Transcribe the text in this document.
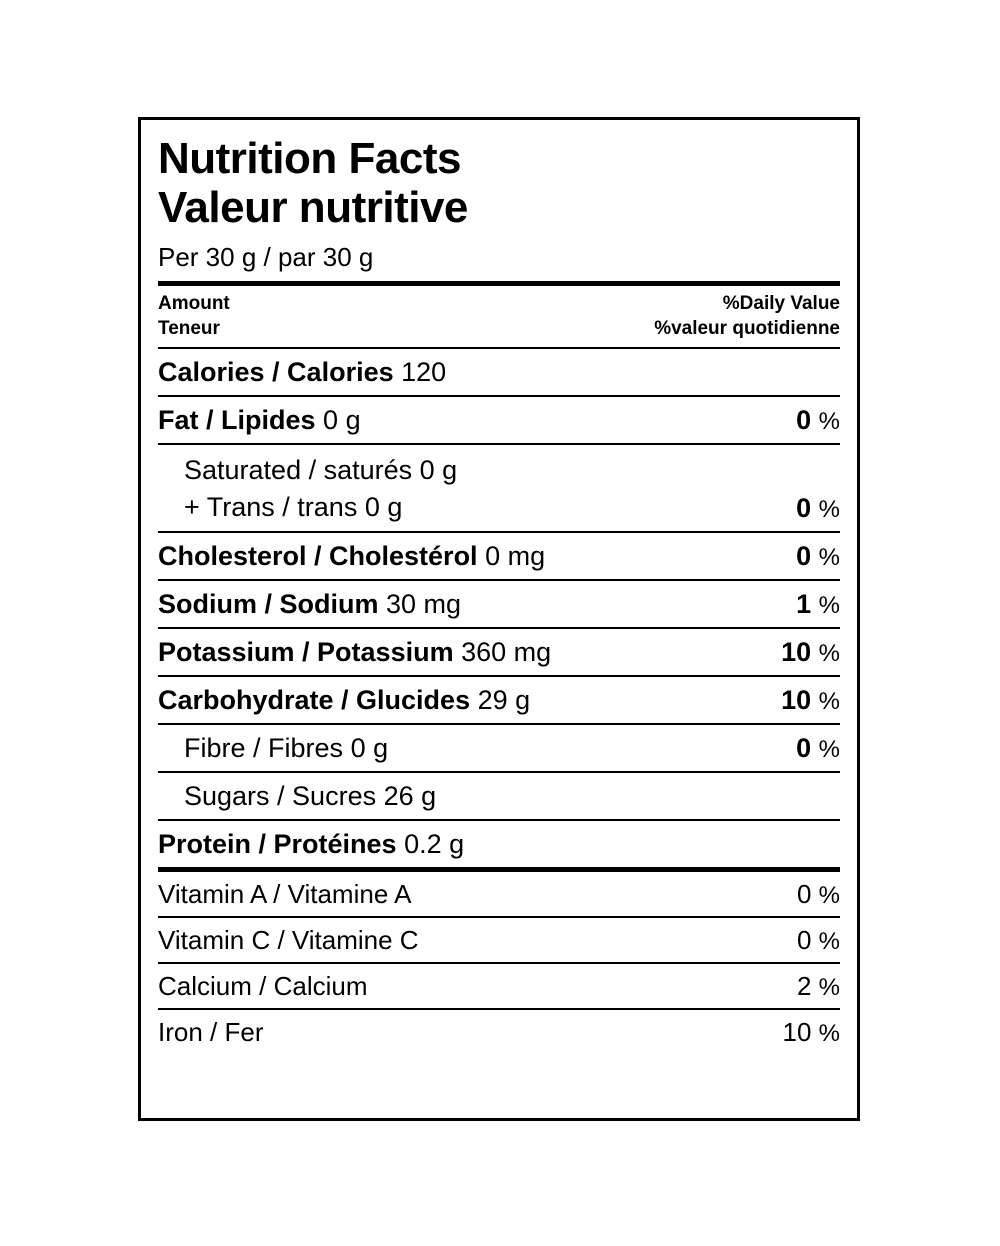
Nutrition Facts
Valeur nutritive
Per 30 g / par 30 g
Amount
Teneur
%Daily Value
%valeur quotidienne
Calories / Calories 120
Fat / Lipides 0 g	0 %
Saturated / saturés 0 g
+ Trans / trans 0 g	0 %
Cholesterol / Cholestérol 0 mg	0 %
Sodium / Sodium 30 mg	1 %
Potassium / Potassium 360 mg	10 %
Carbohydrate / Glucides 29 g	10 %
Fibre / Fibres 0 g	0 %
Sugars / Sucres 26 g
Protein / Protéines 0.2 g
Vitamin A / Vitamine A	0 %
Vitamin C / Vitamine C	0 %
Calcium / Calcium	2 %
Iron / Fer	10 %
